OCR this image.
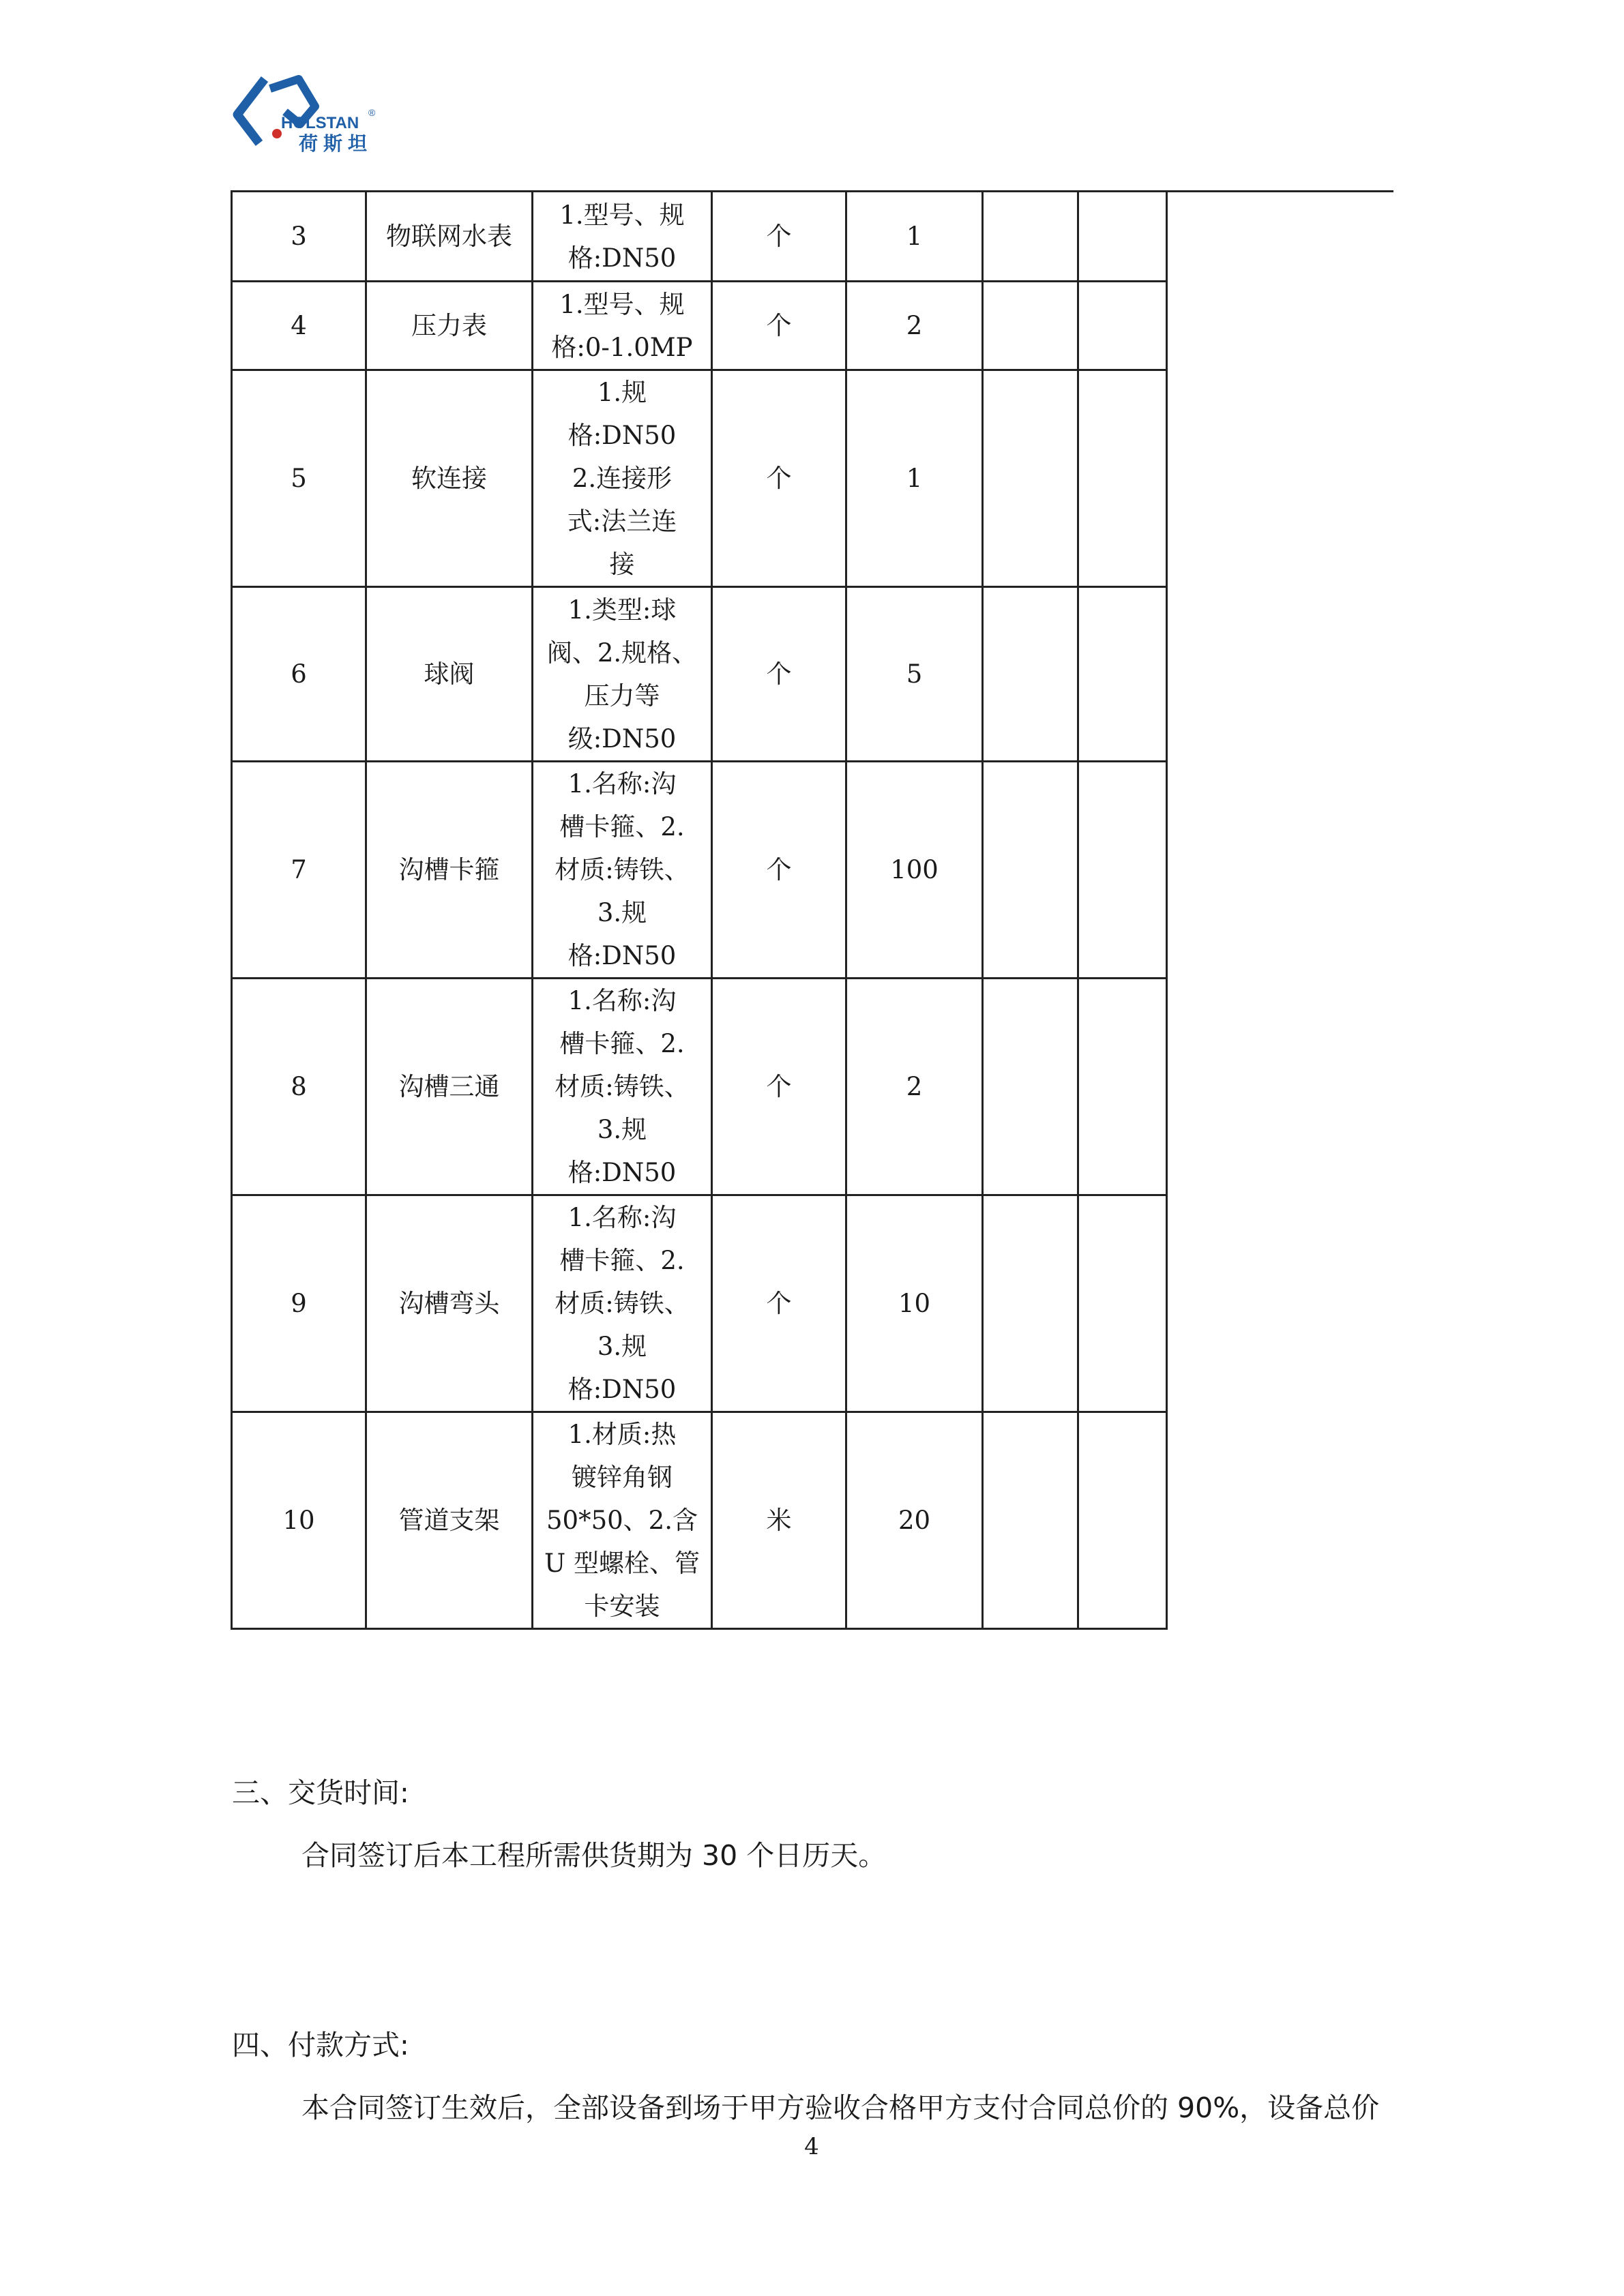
HOLSTAN
®
荷斯坦
3	物联网水表	1.型号、规
格:DN50	个	1		
4	压力表	1.型号、规
格:0-1.0MP	个	2		
5	软连接	1.规
格:DN50
2.连接形
式:法兰连
接	个	1		
6	球阀	1.类型:球
阀、2.规格、
压力等
级:DN50	个	5		
7	沟槽卡箍	1.名称:沟
槽卡箍、2.
材质:铸铁、
3.规
格:DN50	个	100		
8	沟槽三通	1.名称:沟
槽卡箍、2.
材质:铸铁、
3.规
格:DN50	个	2		
9	沟槽弯头	1.名称:沟
槽卡箍、2.
材质:铸铁、
3.规
格:DN50	个	10		
10	管道支架	1.材质:热
镀锌角钢
50*50、2.含
U 型螺栓、管
卡安装	米	20		
三、交货时间:
合同签订后本工程所需供货期为 30 个日历天。
四、付款方式:
本合同签订生效后，全部设备到场于甲方验收合格甲方支付合同总价的 90%，设备总价
4
